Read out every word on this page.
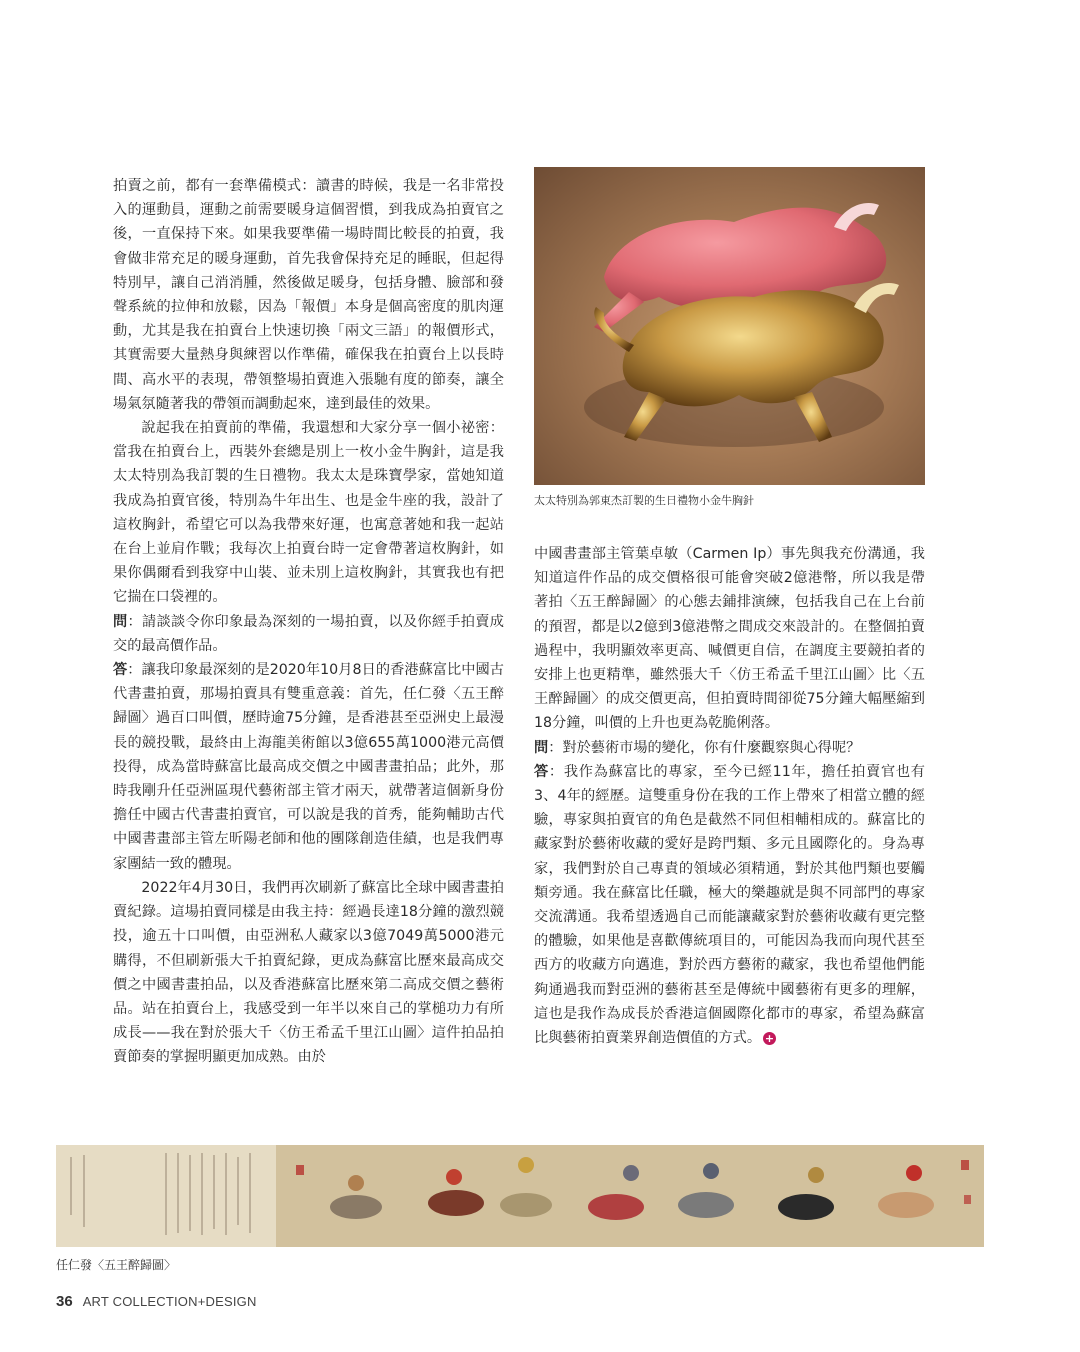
拍賣之前，都有一套準備模式：讀書的時候，我是一名非常投入的運動員，運動之前需要暖身這個習慣，到我成為拍賣官之後，一直保持下來。如果我要準備一場時間比較長的拍賣，我會做非常充足的暖身運動，首先我會保持充足的睡眠，但起得特別早，讓自己消消腫，然後做足暖身，包括身體、臉部和發聲系統的拉伸和放鬆，因為「報價」本身是個高密度的肌肉運動，尤其是我在拍賣台上快速切換「兩文三語」的報價形式，其實需要大量熱身與練習以作準備，確保我在拍賣台上以長時間、高水平的表現，帶領整場拍賣進入張馳有度的節奏，讓全場氣氛隨著我的帶領而調動起來，達到最佳的效果。

說起我在拍賣前的準備，我還想和大家分享一個小祕密：當我在拍賣台上，西裝外套總是別上一枚小金牛胸針，這是我太太特別為我訂製的生日禮物。我太太是珠寶學家，當她知道我成為拍賣官後，特別為牛年出生、也是金牛座的我，設計了這枚胸針，希望它可以為我帶來好運，也寓意著她和我一起站在台上並肩作戰；我每次上拍賣台時一定會帶著這枚胸針，如果你偶爾看到我穿中山裝、並未別上這枚胸針，其實我也有把它揣在口袋裡的。

問：請談談令你印象最為深刻的一場拍賣，以及你經手拍賣成交的最高價作品。

答：讓我印象最深刻的是2020年10月8日的香港蘇富比中國古代書畫拍賣，那場拍賣具有雙重意義：首先，任仁發〈五王醉歸圖〉過百口叫價，歷時逾75分鐘，是香港甚至亞洲史上最漫長的競投戰，最終由上海龍美術館以3億655萬1000港元高價投得，成為當時蘇富比最高成交價之中國書畫拍品；此外，那時我剛升任亞洲區現代藝術部主管才兩天，就帶著這個新身份擔任中國古代書畫拍賣官，可以說是我的首秀，能夠輔助古代中國書畫部主管左昕陽老師和他的團隊創造佳績，也是我們專家團結一致的體現。

2022年4月30日，我們再次刷新了蘇富比全球中國書畫拍賣紀錄。這場拍賣同樣是由我主持：經過長達18分鐘的激烈競投，逾五十口叫價，由亞洲私人藏家以3億7049萬5000港元購得，不但刷新張大千拍賣紀錄，更成為蘇富比歷來最高成交價之中國書畫拍品，以及香港蘇富比歷來第二高成交價之藝術品。站在拍賣台上，我感受到一年半以來自己的掌槌功力有所成長——我在對於張大千〈仿王希孟千里江山圖〉這件拍品拍賣節奏的掌握明顯更加成熟。由於

太太特別為郭東杰訂製的生日禮物小金牛胸針

中國書畫部主管葉卓敏（Carmen Ip）事先與我充份溝通，我知道這件作品的成交價格很可能會突破2億港幣，所以我是帶著拍〈五王醉歸圖〉的心態去鋪排演練，包括我自己在上台前的預習，都是以2億到3億港幣之間成交來設計的。在整個拍賣過程中，我明顯效率更高、喊價更自信，在調度主要競拍者的安排上也更精準，雖然張大千〈仿王希孟千里江山圖〉比〈五王醉歸圖〉的成交價更高，但拍賣時間卻從75分鐘大幅壓縮到18分鐘，叫價的上升也更為乾脆俐落。

問：對於藝術市場的變化，你有什麼觀察與心得呢？

答：我作為蘇富比的專家，至今已經11年，擔任拍賣官也有3、4年的經歷。這雙重身份在我的工作上帶來了相當立體的經驗，專家與拍賣官的角色是截然不同但相輔相成的。蘇富比的藏家對於藝術收藏的愛好是跨門類、多元且國際化的。身為專家，我們對於自己專責的領域必須精通，對於其他門類也要觸類旁通。我在蘇富比任職，極大的樂趣就是與不同部門的專家交流溝通。我希望透過自己而能讓藏家對於藝術收藏有更完整的體驗，如果他是喜歡傳統項目的，可能因為我而向現代甚至西方的收藏方向邁進，對於西方藝術的藏家，我也希望他們能夠通過我而對亞洲的藝術甚至是傳統中國藝術有更多的理解，這也是我作為成長於香港這個國際化都市的專家，希望為蘇富比與藝術拍賣業界創造價值的方式。 +

任仁發〈五王醉歸圖〉
36 ART COLLECTION+DESIGN
